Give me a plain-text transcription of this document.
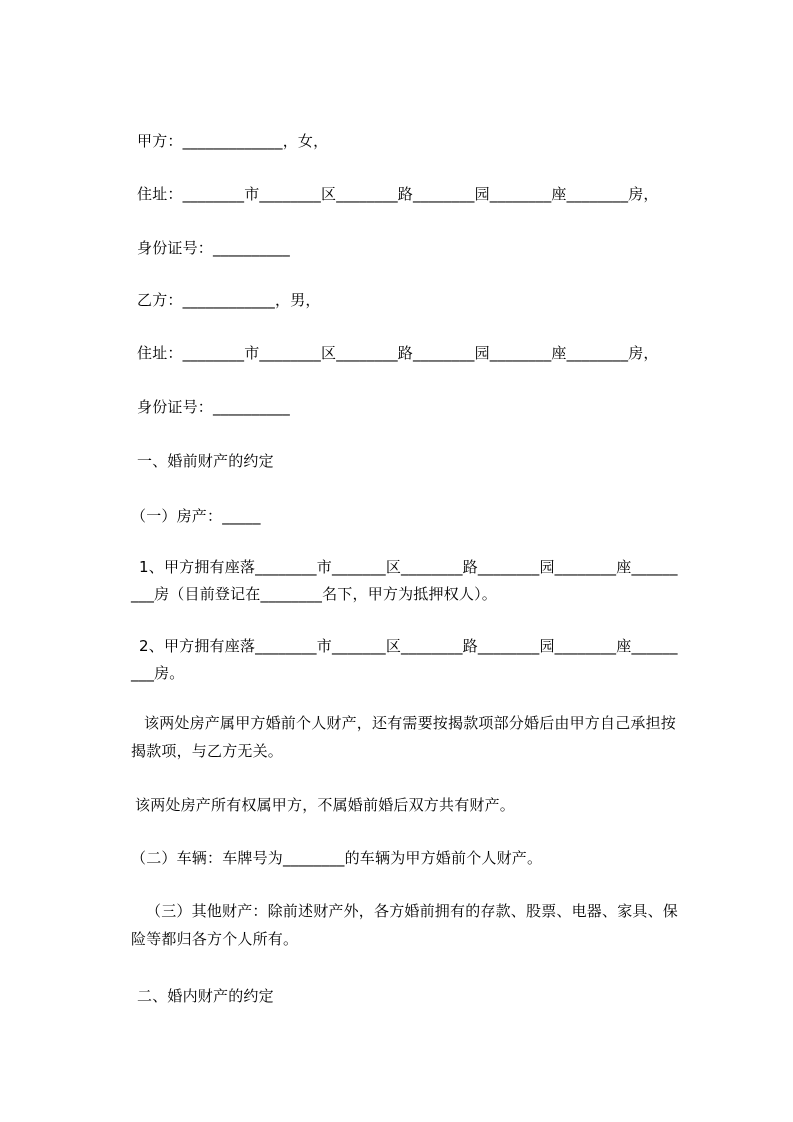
甲方：_____________，女，
住址：________市________区________路________园________座________房，
身份证号：__________
乙方：____________，男，
住址：________市________区________路________园________座________房，
身份证号：__________
一、婚前财产的约定
（一）房产：_____
1、甲方拥有座落________市_______区________路________园________座______
___房（目前登记在________名下，甲方为抵押权人）。
2、甲方拥有座落________市_______区________路________园________座______
___房。
该两处房产属甲方婚前个人财产，还有需要按揭款项部分婚后由甲方自己承担按
揭款项，与乙方无关。
该两处房产所有权属甲方，不属婚前婚后双方共有财产。
（二）车辆：车牌号为________的车辆为甲方婚前个人财产。
（三）其他财产：除前述财产外，各方婚前拥有的存款、股票、电器、家具、保
险等都归各方个人所有。
二、婚内财产的约定
